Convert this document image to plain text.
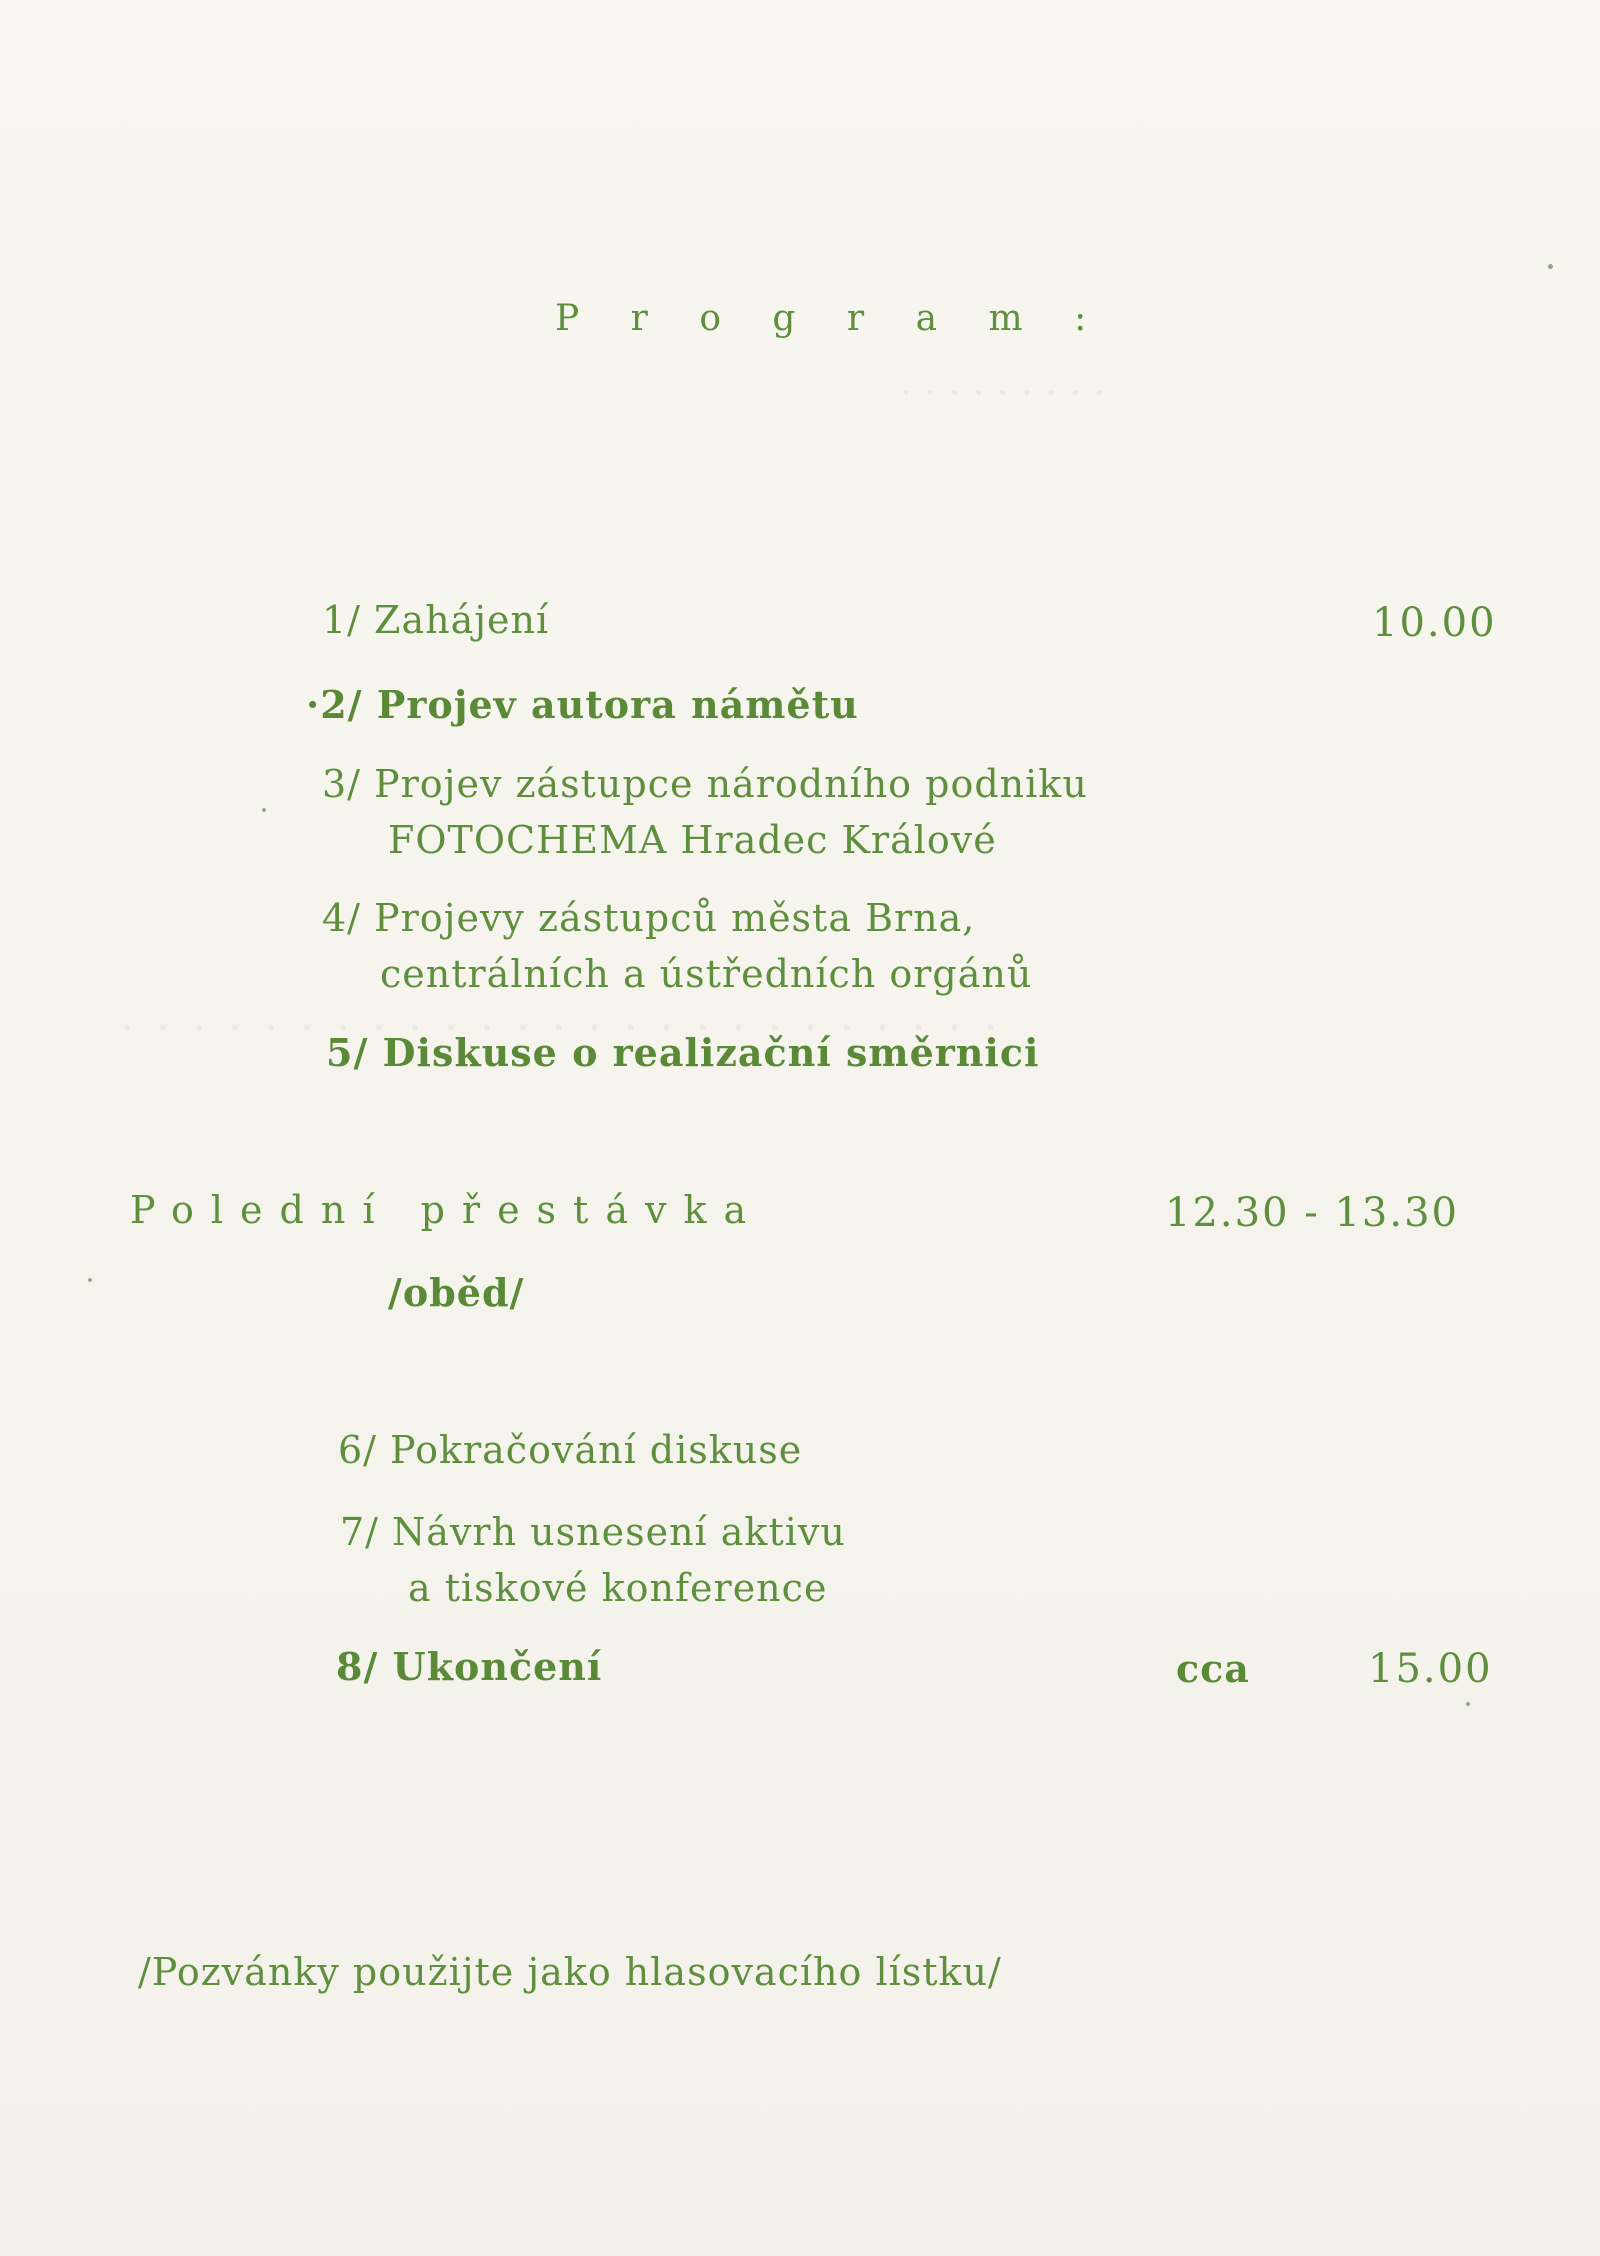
. . . . . . . . .
. . . . . . . . . . . . . . . . . . . . . . . . .
P r o g r a m :
1/ Zahájení	10.00
·2/ Projev autora námětu
3/ Projev zástupce národního podniku
FOTOCHEMA Hradec Králové
4/ Projevy zástupců města Brna,
centrálních a ústředních orgánů
5/ Diskuse o realizační směrnici
Polední přestávka	12.30 - 13.30
/oběd/
6/ Pokračování diskuse
7/ Návrh usnesení aktivu
a tiskové konference
8/ Ukončení	cca	15.00
/Pozvánky použijte jako hlasovacího lístku/
